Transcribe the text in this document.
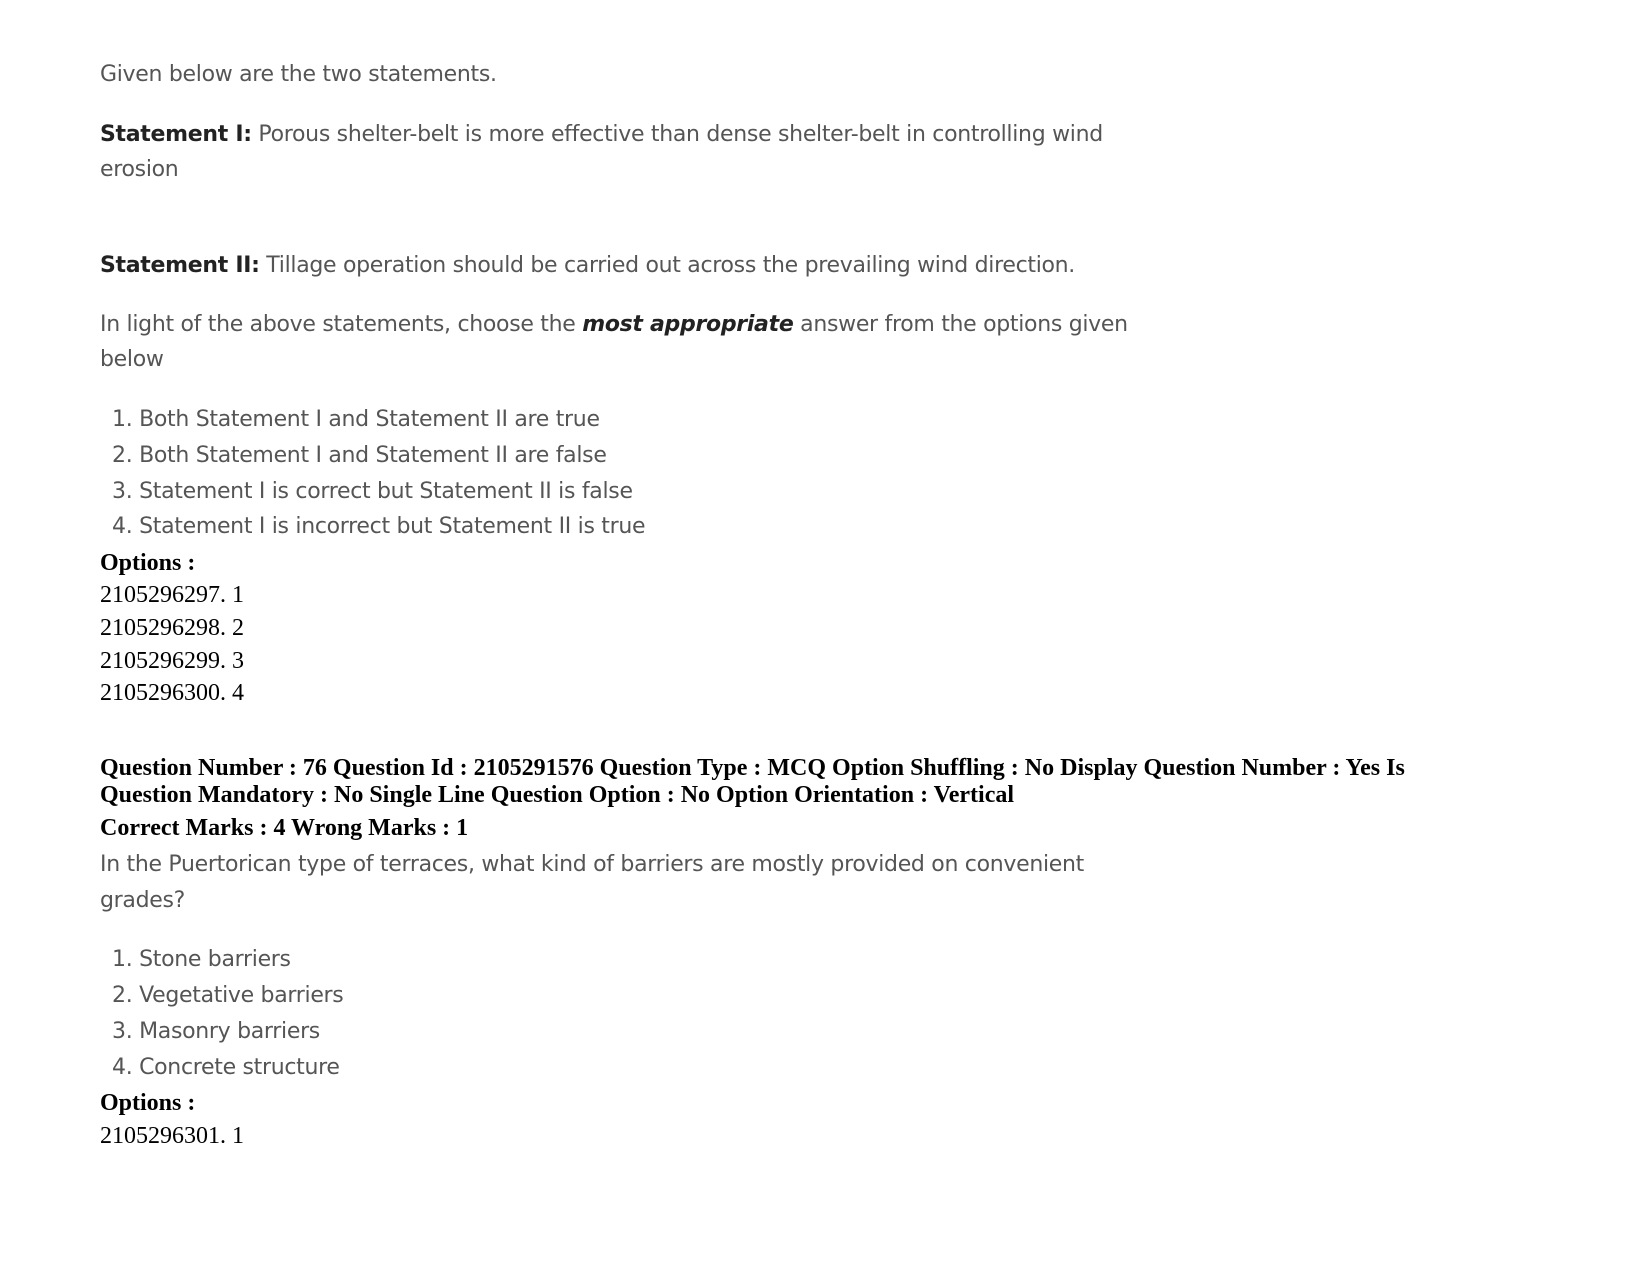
Given below are the two statements.
Statement I: Porous shelter-belt is more effective than dense shelter-belt in controlling wind
erosion
Statement II: Tillage operation should be carried out across the prevailing wind direction.
In light of the above statements, choose the most appropriate answer from the options given
below
1. Both Statement I and Statement II are true
2. Both Statement I and Statement II are false
3. Statement I is correct but Statement II is false
4. Statement I is incorrect but Statement II is true
Options :
2105296297. 1
2105296298. 2
2105296299. 3
2105296300. 4
Question Number : 76 Question Id : 2105291576 Question Type : MCQ Option Shuffling : No Display Question Number : Yes Is
Question Mandatory : No Single Line Question Option : No Option Orientation : Vertical
Correct Marks : 4 Wrong Marks : 1
In the Puertorican type of terraces, what kind of barriers are mostly provided on convenient
grades?
1. Stone barriers
2. Vegetative barriers
3. Masonry barriers
4. Concrete structure
Options :
2105296301. 1
